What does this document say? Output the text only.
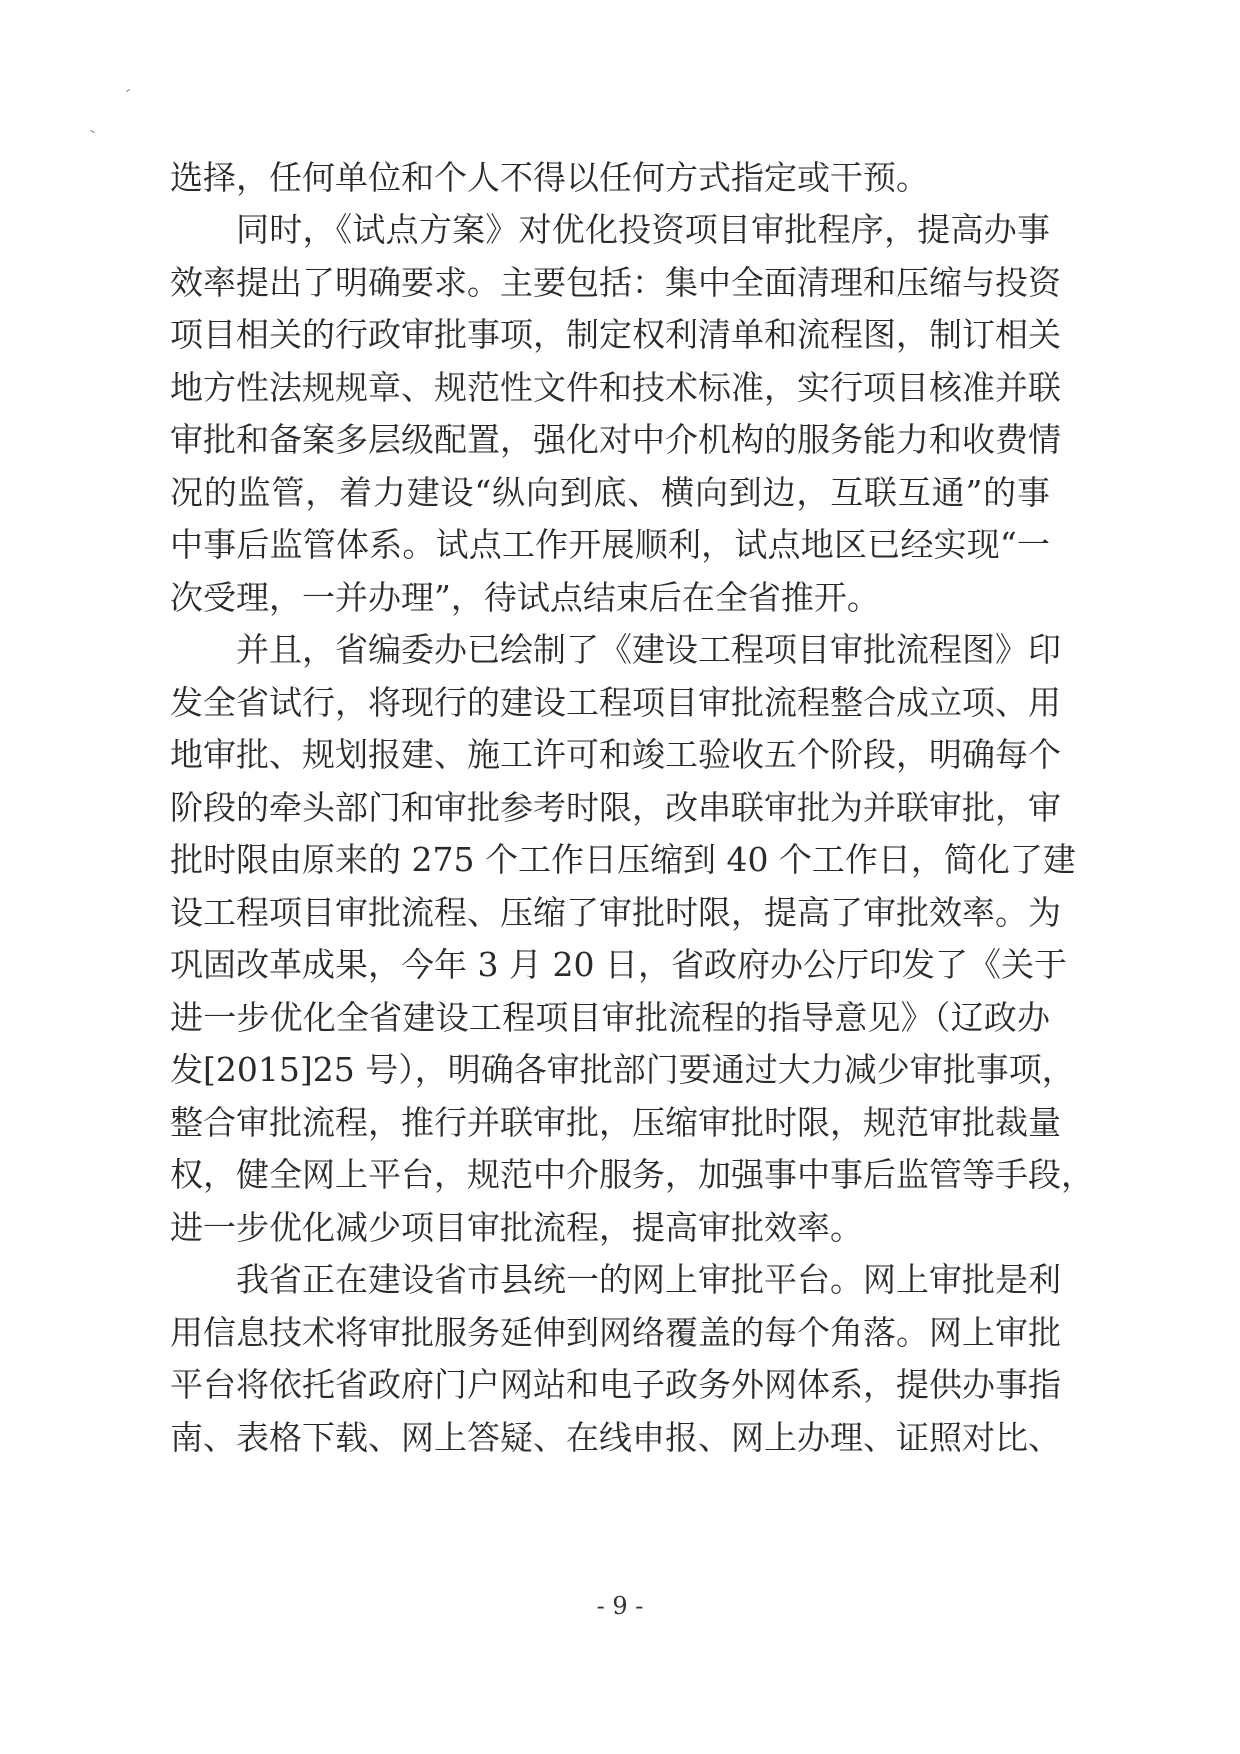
选择，任何单位和个人不得以任何方式指定或干预。
同时，《试点方案》对优化投资项目审批程序，提高办事
效率提出了明确要求。主要包括：集中全面清理和压缩与投资
项目相关的行政审批事项，制定权利清单和流程图，制订相关
地方性法规规章、规范性文件和技术标准，实行项目核准并联
审批和备案多层级配置，强化对中介机构的服务能力和收费情
况的监管，着力建设“纵向到底、横向到边，互联互通”的事
中事后监管体系。试点工作开展顺利，试点地区已经实现“一
次受理，一并办理”，待试点结束后在全省推开。
并且，省编委办已绘制了《建设工程项目审批流程图》印
发全省试行，将现行的建设工程项目审批流程整合成立项、用
地审批、规划报建、施工许可和竣工验收五个阶段，明确每个
阶段的牵头部门和审批参考时限，改串联审批为并联审批，审
批时限由原来的 275 个工作日压缩到 40 个工作日，简化了建
设工程项目审批流程、压缩了审批时限，提高了审批效率。为
巩固改革成果，今年 3 月 20 日，省政府办公厅印发了《关于
进一步优化全省建设工程项目审批流程的指导意见》（辽政办
发[2015]25 号），明确各审批部门要通过大力减少审批事项，
整合审批流程，推行并联审批，压缩审批时限，规范审批裁量
权，健全网上平台，规范中介服务，加强事中事后监管等手段，
进一步优化减少项目审批流程，提高审批效率。
我省正在建设省市县统一的网上审批平台。网上审批是利
用信息技术将审批服务延伸到网络覆盖的每个角落。网上审批
平台将依托省政府门户网站和电子政务外网体系，提供办事指
南、表格下载、网上答疑、在线申报、网上办理、证照对比、
- 9 -
